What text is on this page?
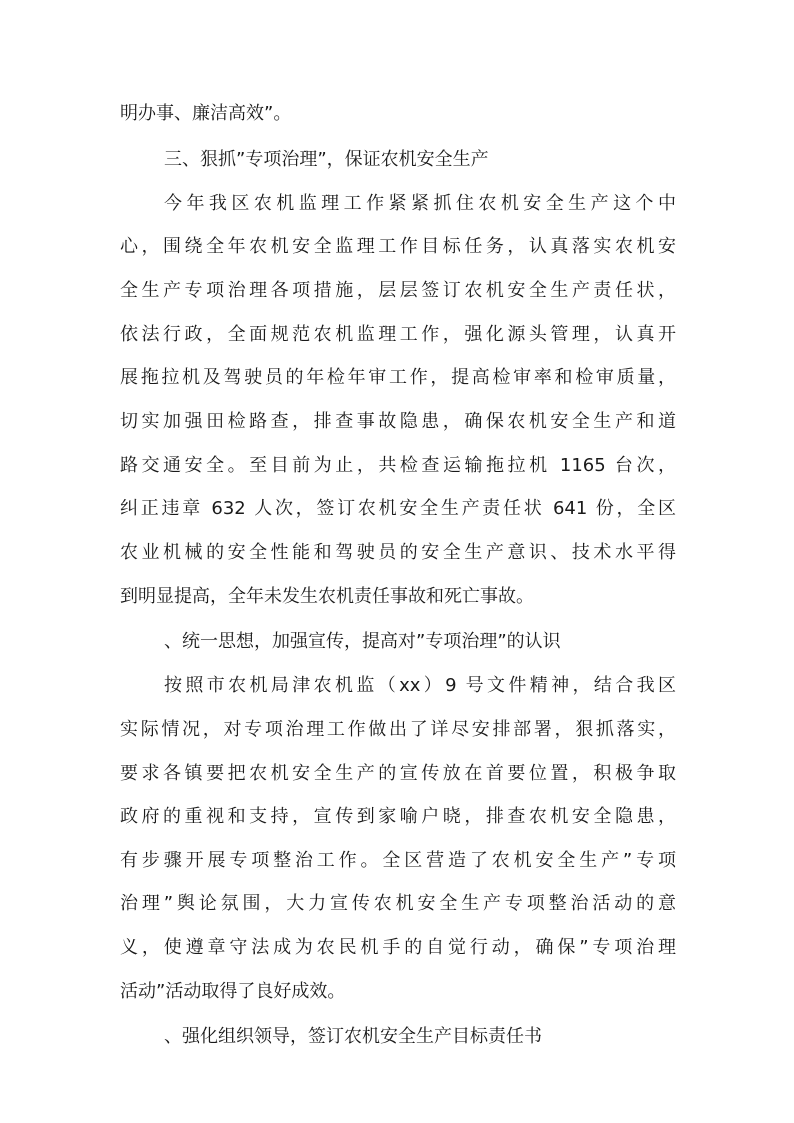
明办事、廉洁高效”。
三、狠抓”专项治理”，保证农机安全生产
今年我区农机监理工作紧紧抓住农机安全生产这个中
心，围绕全年农机安全监理工作目标任务，认真落实农机安
全生产专项治理各项措施，层层签订农机安全生产责任状，
依法行政，全面规范农机监理工作，强化源头管理，认真开
展拖拉机及驾驶员的年检年审工作，提高检审率和检审质量，
切实加强田检路查，排查事故隐患，确保农机安全生产和道
路交通安全。至目前为止，共检查运输拖拉机 1165 台次，
纠正违章 632 人次，签订农机安全生产责任状 641 份，全区
农业机械的安全性能和驾驶员的安全生产意识、技术水平得
到明显提高，全年未发生农机责任事故和死亡事故。
、统一思想，加强宣传，提高对”专项治理”的认识
按照市农机局津农机监（xx）9 号文件精神，结合我区
实际情况，对专项治理工作做出了详尽安排部署，狠抓落实，
要求各镇要把农机安全生产的宣传放在首要位置，积极争取
政府的重视和支持，宣传到家喻户晓，排查农机安全隐患，
有步骤开展专项整治工作。全区营造了农机安全生产”专项
治理”舆论氛围，大力宣传农机安全生产专项整治活动的意
义，使遵章守法成为农民机手的自觉行动，确保”专项治理
活动”活动取得了良好成效。
、强化组织领导，签订农机安全生产目标责任书
